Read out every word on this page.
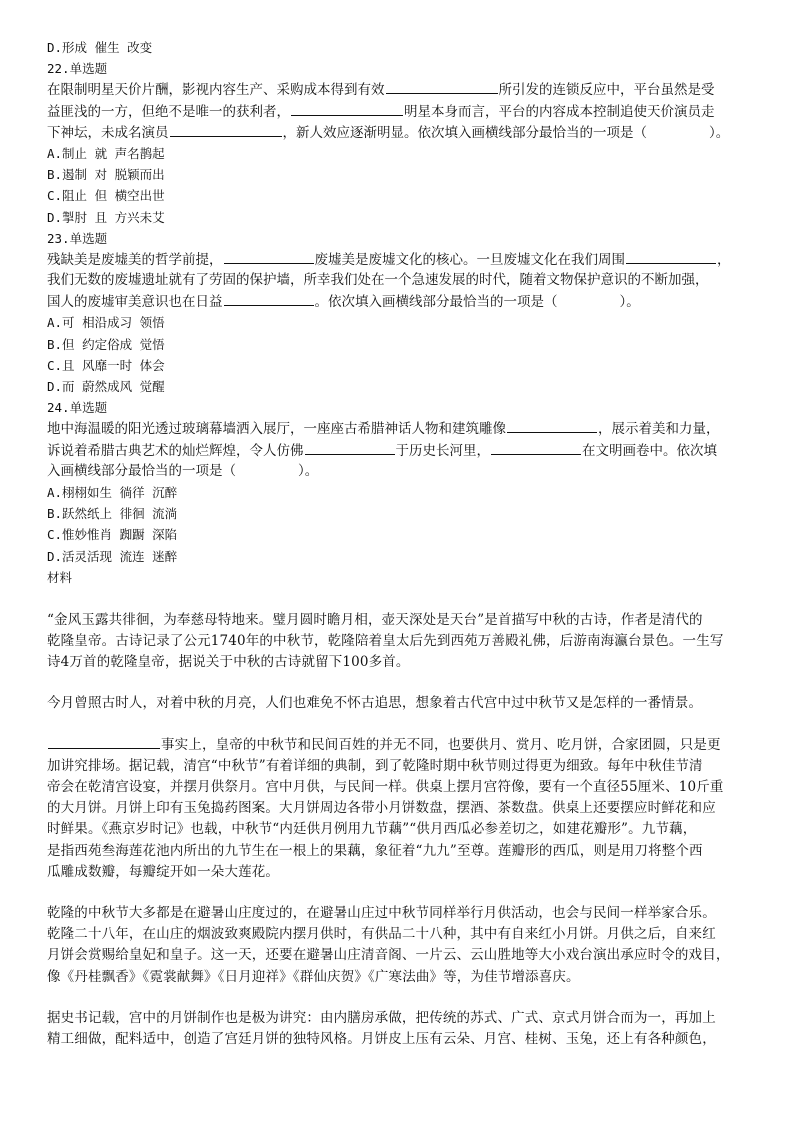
D.形成 催生 改变
22.单选题
在限制明星天价片酬，影视内容生产、采购成本得到有效	所引发的连锁反应中，平台虽然是受
益匪浅的一方，但绝不是唯一的获利者，	明星本身而言，平台的内容成本控制追使天价演员走
下神坛，未成名演员	，新人效应逐渐明显。依次填入画横线部分最恰当的一项是（	）。
A.制止 就 声名鹊起
B.遏制 对 脱颖而出
C.阻止 但 横空出世
D.掣肘 且 方兴未艾
23.单选题
残缺美是废墟美的哲学前提，	废墟美是废墟文化的核心。一旦废墟文化在我们周围	，
我们无数的废墟遗址就有了劳固的保护墙，所幸我们处在一个急速发展的时代，随着文物保护意识的不断加强，
国人的废墟审美意识也在日益	。依次填入画横线部分最恰当的一项是（	）。
A.可 相沿成习 领悟
B.但 约定俗成 觉悟
C.且 风靡一时 体会
D.而 蔚然成风 觉醒
24.单选题
地中海温暖的阳光透过玻璃幕墙洒入展厅，一座座古希腊神话人物和建筑雕像	，展示着美和力量，
诉说着希腊古典艺术的灿烂辉煌，令人仿佛	于历史长河里，	在文明画卷中。依次填
入画横线部分最恰当的一项是（	）。
A.栩栩如生 徜徉 沉醉
B.跃然纸上 徘徊 流淌
C.惟妙惟肖 踟蹰 深陷
D.活灵活现 流连 迷醉
材料
“金风玉露共徘徊，为奉慈母特地来。璧月圆时瞻月相，壶天深处是天台”是首描写中秋的古诗，作者是清代的
乾隆皇帝。古诗记录了公元1740年的中秋节，乾隆陪着皇太后先到西苑万善殿礼佛，后游南海瀛台景色。一生写
诗4万首的乾隆皇帝，据说关于中秋的古诗就留下100多首。
今月曾照古时人，对着中秋的月亮，人们也难免不怀古追思，想象着古代宫中过中秋节又是怎样的一番情景。
事实上，皇帝的中秋节和民间百姓的并无不同，也要供月、赏月、吃月饼，合家团圆，只是更
加讲究排场。据记载，清宫“中秋节”有着详细的典制，到了乾隆时期中秋节则过得更为细致。每年中秋佳节清
帝会在乾清宫设宴，并摆月供祭月。宫中月供，与民间一样。供桌上摆月宫符像，要有一个直径55厘米、10斤重
的大月饼。月饼上印有玉兔捣药图案。大月饼周边各带小月饼数盘，摆酒、茶数盘。供桌上还要摆应时鲜花和应
时鲜果。《燕京岁时记》也载，中秋节“内廷供月例用九节藕”“供月西瓜必参差切之，如建花瓣形”。九节藕，
是指西苑叁海莲花池内所出的九节生在一根上的果藕，象征着“九九”至尊。莲瓣形的西瓜，则是用刀将整个西
瓜雕成数瓣，每瓣绽开如一朵大莲花。
乾隆的中秋节大多都是在避暑山庄度过的，在避暑山庄过中秋节同样举行月供活动，也会与民间一样举家合乐。
乾隆二十八年，在山庄的烟波致爽殿院内摆月供时，有供品二十八种，其中有自来红小月饼。月供之后，自来红
月饼会赏赐给皇妃和皇子。这一天，还要在避暑山庄清音阁、一片云、云山胜地等大小戏台演出承应时令的戏目，
像《丹桂飘香》《霓裳献舞》《日月迎祥》《群仙庆贺》《广寒法曲》等，为佳节增添喜庆。
据史书记载，宫中的月饼制作也是极为讲究：由内膳房承做，把传统的苏式、广式、京式月饼合而为一，再加上
精工细做，配料适中，创造了宫廷月饼的独特风格。月饼皮上压有云朵、月宫、桂树、玉兔，还上有各种颜色，
